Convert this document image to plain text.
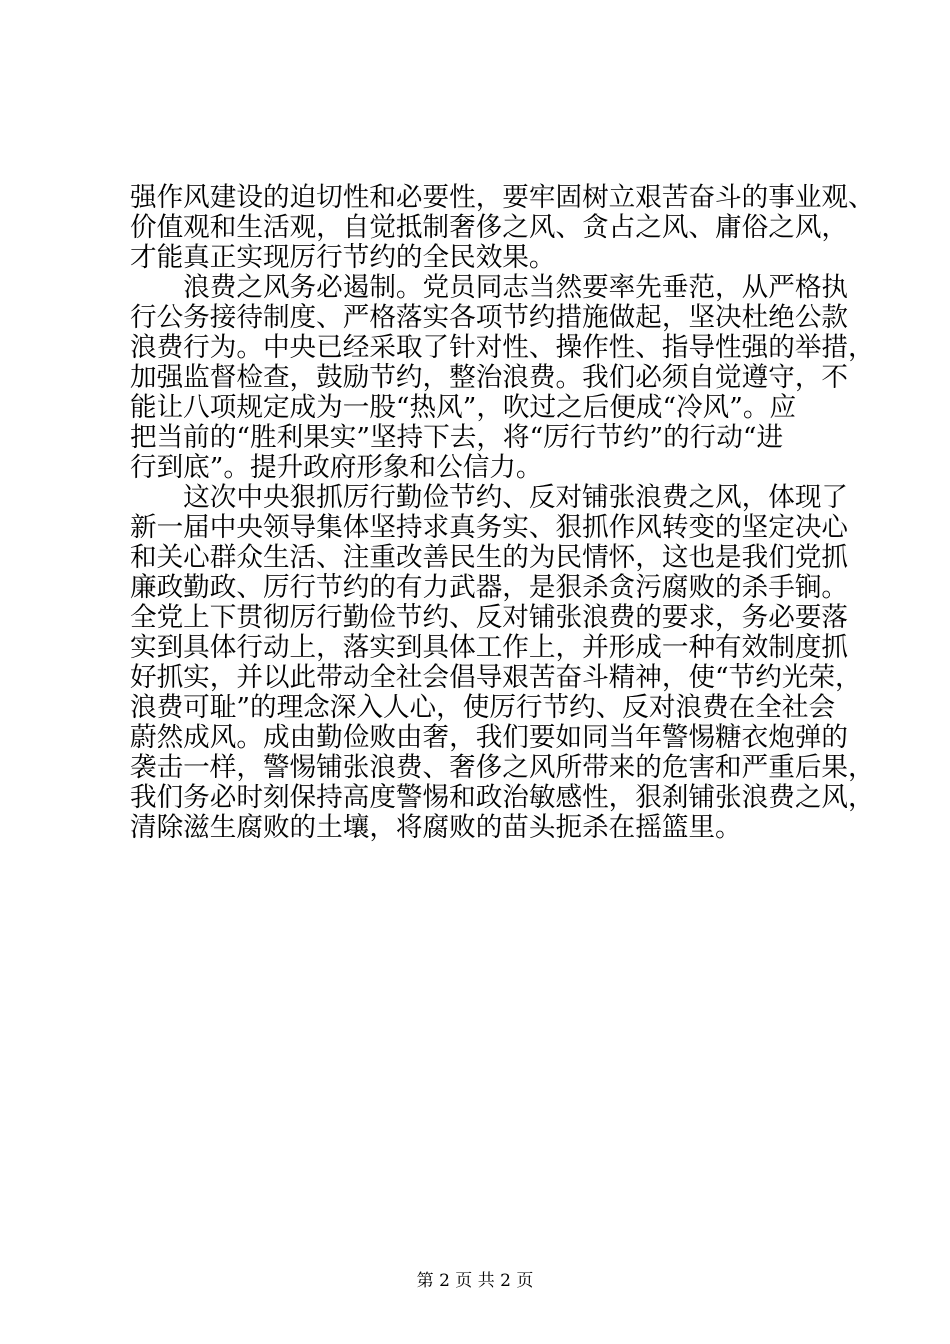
强作风建设的迫切性和必要性，要牢固树立艰苦奋斗的事业观、
价值观和生活观，自觉抵制奢侈之风、贪占之风、庸俗之风，
才能真正实现厉行节约的全民效果。
　　浪费之风务必遏制。党员同志当然要率先垂范，从严格执
行公务接待制度、严格落实各项节约措施做起，坚决杜绝公款
浪费行为。中央已经采取了针对性、操作性、指导性强的举措，
加强监督检查，鼓励节约，整治浪费。我们必须自觉遵守，不
能让八项规定成为一股“热风”，吹过之后便成“冷风”。应
把当前的“胜利果实”坚持下去，将“厉行节约”的行动“进
行到底”。提升政府形象和公信力。
　　这次中央狠抓厉行勤俭节约、反对铺张浪费之风，体现了
新一届中央领导集体坚持求真务实、狠抓作风转变的坚定决心
和关心群众生活、注重改善民生的为民情怀，这也是我们党抓
廉政勤政、厉行节约的有力武器，是狠杀贪污腐败的杀手锏。
全党上下贯彻厉行勤俭节约、反对铺张浪费的要求，务必要落
实到具体行动上，落实到具体工作上，并形成一种有效制度抓
好抓实，并以此带动全社会倡导艰苦奋斗精神，使“节约光荣，
浪费可耻”的理念深入人心，使厉行节约、反对浪费在全社会
蔚然成风。成由勤俭败由奢，我们要如同当年警惕糖衣炮弹的
袭击一样，警惕铺张浪费、奢侈之风所带来的危害和严重后果，
我们务必时刻保持高度警惕和政治敏感性，狠刹铺张浪费之风，
清除滋生腐败的土壤，将腐败的苗头扼杀在摇篮里。
第 2 页 共 2 页
